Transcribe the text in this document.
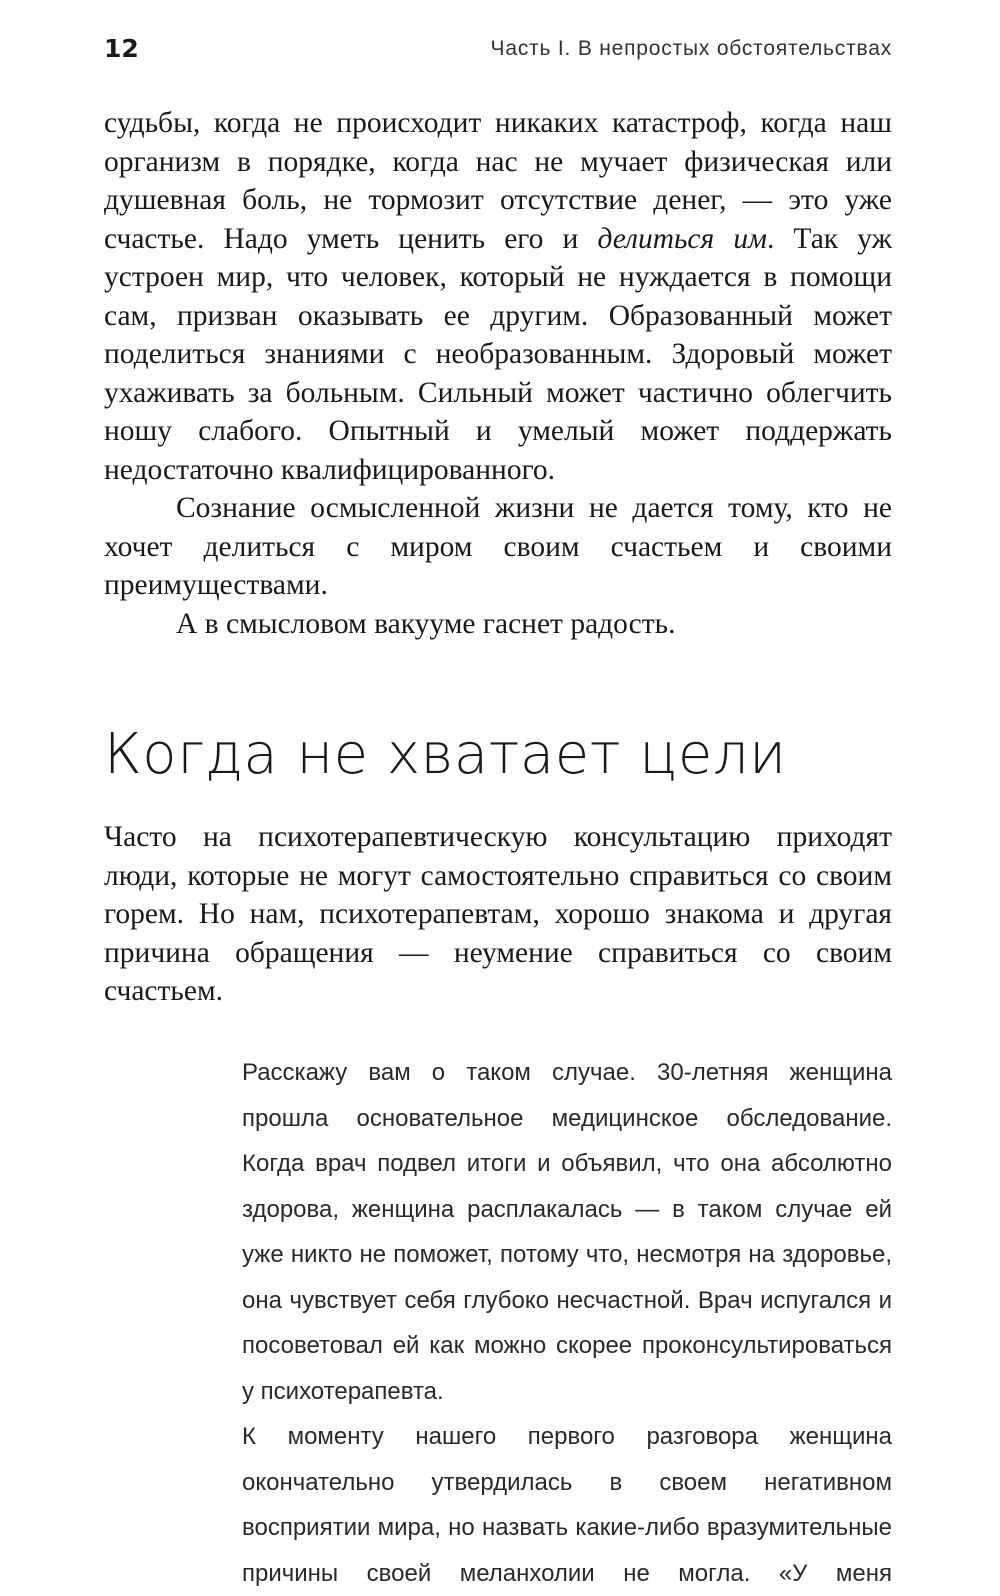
12	Часть I. В непростых обстоятельствах

судьбы, когда не происходит никаких катастроф, когда наш организм в порядке, когда нас не мучает физическая или душевная боль, не тормозит отсутствие денег, — это уже счастье. Надо уметь ценить его и делиться им. Так уж устроен мир, что человек, который не нуждается в помощи сам, призван оказывать ее другим. Образованный может поделиться знаниями с необразованным. Здоровый может ухаживать за больным. Сильный может частично облегчить ношу слабого. Опытный и умелый может поддержать недостаточно квалифицированного.

Сознание осмысленной жизни не дается тому, кто не хочет делиться с миром своим счастьем и своими преимуществами.

А в смысловом вакууме гаснет радость.

Когда не хватает цели

Часто на психотерапевтическую консультацию приходят люди, которые не могут самостоятельно справиться со своим горем. Но нам, психотерапевтам, хорошо знакома и другая причина обращения — неумение справиться со своим счастьем.

Расскажу вам о таком случае. 30-летняя женщина прошла основательное медицинское обследование. Когда врач подвел итоги и объявил, что она абсолютно здорова, женщина расплакалась — в таком случае ей уже никто не поможет, потому что, несмотря на здоровье, она чувствует себя глубоко несчастной. Врач испугался и посоветовал ей как можно скорее проконсультироваться у психотерапевта.

К моменту нашего первого разговора женщина окончательно утвердилась в своем негативном восприятии мира, но назвать какие-либо вразумительные причины своей меланхолии не могла. «У меня
